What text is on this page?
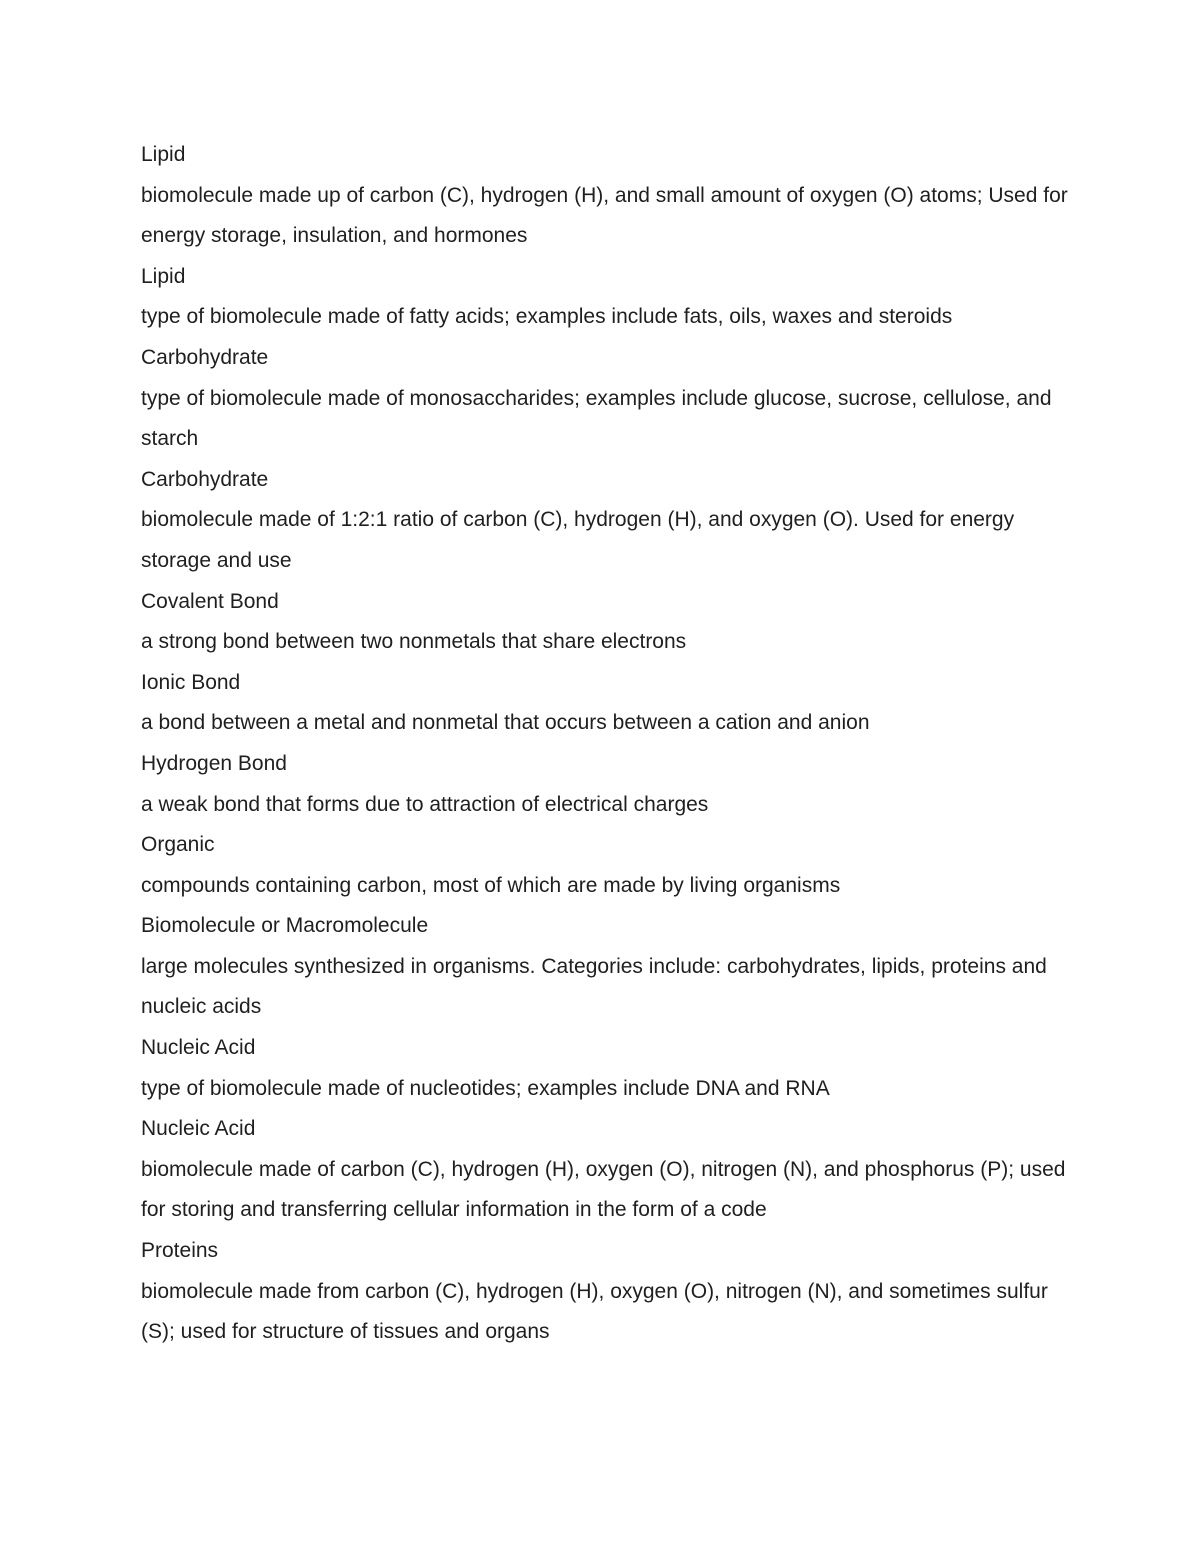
Lipid
biomolecule made up of carbon (C), hydrogen (H), and small amount of oxygen (O) atoms; Used for energy storage, insulation, and hormones
Lipid
type of biomolecule made of fatty acids; examples include fats, oils, waxes and steroids
Carbohydrate
type of biomolecule made of monosaccharides; examples include glucose, sucrose, cellulose, and starch
Carbohydrate
biomolecule made of 1:2:1 ratio of carbon (C), hydrogen (H), and oxygen (O). Used for energy storage and use
Covalent Bond
a strong bond between two nonmetals that share electrons
Ionic Bond
a bond between a metal and nonmetal that occurs between a cation and anion
Hydrogen Bond
a weak bond that forms due to attraction of electrical charges
Organic
compounds containing carbon, most of which are made by living organisms
Biomolecule or Macromolecule
large molecules synthesized in organisms. Categories include: carbohydrates, lipids, proteins and nucleic acids
Nucleic Acid
type of biomolecule made of nucleotides; examples include DNA and RNA
Nucleic Acid
biomolecule made of carbon (C), hydrogen (H), oxygen (O), nitrogen (N), and phosphorus (P); used for storing and transferring cellular information in the form of a code
Proteins
biomolecule made from carbon (C), hydrogen (H), oxygen (O), nitrogen (N), and sometimes sulfur (S); used for structure of tissues and organs
